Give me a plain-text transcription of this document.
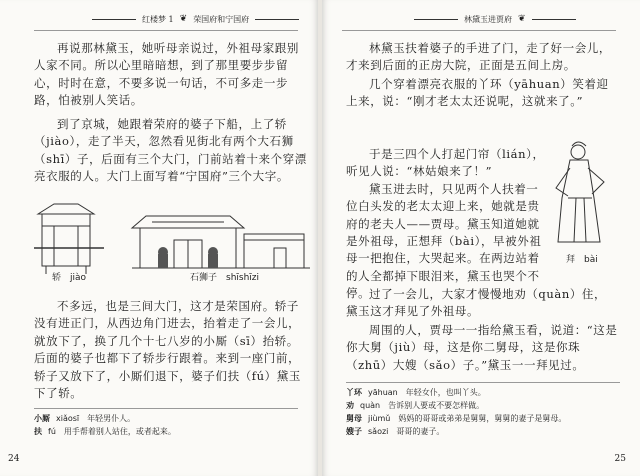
红楼梦 1 ❦ 荣国府和宁国府

再说那林黛玉，她听母亲说过，外祖母家跟别人家不同。所以心里暗暗想，到了那里要步步留心，时时在意，不要多说一句话，不可多走一步路，怕被别人笑话。

到了京城，她跟着荣府的婆子下船，上了轿（jiào），走了半天，忽然看见街北有两个大石狮（shī）子，后面有三个大门，门前站着十来个穿漂亮衣服的人。大门上面写着“宁国府”三个大字。

轿　jiào	石狮子　shīshīzi

不多远，也是三间大门，这才是荣国府。轿子没有进正门，从西边角门进去，抬着走了一会儿，就放下了，换了几个十七八岁的小厮（sī）抬轿。后面的婆子也都下了轿步行跟着。来到一座门前，轿子又放下了，小厮们退下，婆子们扶（fú）黛玉下了轿。

小厮 xiǎosī　年轻男仆人。
扶 fú　用手帮着别人站住，或者起来。
24
林黛玉进贾府 ❦

林黛玉扶着婆子的手进了门，走了好一会儿，才来到后面的正房大院，正面是五间上房。

几个穿着漂亮衣服的丫环（yāhuan）笑着迎上来，说：“刚才老太太还说呢，这就来了。”

于是三四个人打起门帘（lián），听见人说：“林姑娘来了！”
黛玉进去时，只见两个人扶着一位白头发的老太太迎上来，她就是贵府的老夫人——贾母。黛玉知道她就是外祖母，正想拜（bài），早被外祖母一把抱住，大哭起来。在两边站着的人全都掉下眼泪来，黛玉也哭个不停。

拜　bài

过了一会儿，大家才慢慢地劝（quàn）住，黛玉这才拜见了外祖母。

周围的人，贾母一一指给黛玉看，说道：“这是你大舅（jiù）母，这是你二舅母，这是你珠（zhū）大嫂（sǎo）子。”黛玉一一拜见过。

丫环 yāhuan　年轻女仆，也叫丫头。
劝 quàn　告诉别人要或不要怎样做。
舅母 jiùmǔ　妈妈的哥哥或弟弟是舅舅，舅舅的妻子是舅母。
嫂子 sǎozi　哥哥的妻子。
25
